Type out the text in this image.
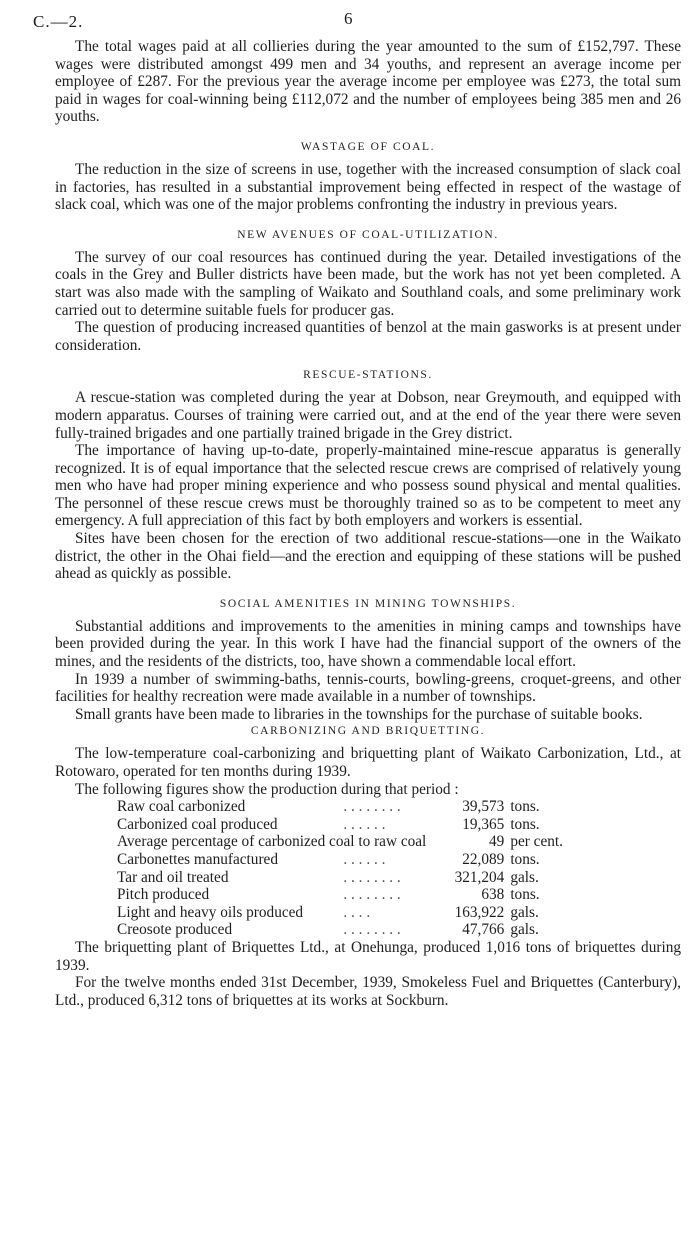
C.—2.	6

The total wages paid at all collieries during the year amounted to the sum of £152,797. These wages were distributed amongst 499 men and 34 youths, and represent an average income per employee of £287. For the previous year the average income per employee was £273, the total sum paid in wages for coal-winning being £112,072 and the number of employees being 385 men and 26 youths.

WASTAGE OF COAL.

The reduction in the size of screens in use, together with the increased consumption of slack coal in factories, has resulted in a substantial improvement being effected in respect of the wastage of slack coal, which was one of the major problems confronting the industry in previous years.

NEW AVENUES OF COAL-UTILIZATION.

The survey of our coal resources has continued during the year. Detailed investigations of the coals in the Grey and Buller districts have been made, but the work has not yet been completed. A start was also made with the sampling of Waikato and Southland coals, and some preliminary work carried out to determine suitable fuels for producer gas.

The question of producing increased quantities of benzol at the main gasworks is at present under consideration.

RESCUE-STATIONS.

A rescue-station was completed during the year at Dobson, near Greymouth, and equipped with modern apparatus. Courses of training were carried out, and at the end of the year there were seven fully-trained brigades and one partially trained brigade in the Grey district.

The importance of having up-to-date, properly-maintained mine-rescue apparatus is generally recognized. It is of equal importance that the selected rescue crews are comprised of relatively young men who have had proper mining experience and who possess sound physical and mental qualities. The personnel of these rescue crews must be thoroughly trained so as to be competent to meet any emergency. A full appreciation of this fact by both employers and workers is essential.

Sites have been chosen for the erection of two additional rescue-stations—one in the Waikato district, the other in the Ohai field—and the erection and equipping of these stations will be pushed ahead as quickly as possible.

SOCIAL AMENITIES IN MINING TOWNSHIPS.

Substantial additions and improvements to the amenities in mining camps and townships have been provided during the year. In this work I have had the financial support of the owners of the mines, and the residents of the districts, too, have shown a commendable local effort.

In 1939 a number of swimming-baths, tennis-courts, bowling-greens, croquet-greens, and other facilities for healthy recreation were made available in a number of townships.

Small grants have been made to libraries in the townships for the purchase of suitable books.

CARBONIZING AND BRIQUETTING.

The low-temperature coal-carbonizing and briquetting plant of Waikato Carbonization, Ltd., at Rotowaro, operated for ten months during 1939.

The following figures show the production during that period :

Raw coal carbonized	. . . . . . . .	39,573	tons.
Carbonized coal produced	. . . . . .	19,365	tons.
Average percentage of carbonized coal to raw coal		49	per cent.
Carbonettes manufactured	. . . . . .	22,089	tons.
Tar and oil treated	. . . . . . . .	321,204	gals.
Pitch produced	. . . . . . . .	638	tons.
Light and heavy oils produced	. . . .	163,922	gals.
Creosote produced	. . . . . . . .	47,766	gals.

The briquetting plant of Briquettes Ltd., at Onehunga, produced 1,016 tons of briquettes during 1939.

For the twelve months ended 31st December, 1939, Smokeless Fuel and Briquettes (Canterbury), Ltd., produced 6,312 tons of briquettes at its works at Sockburn.
